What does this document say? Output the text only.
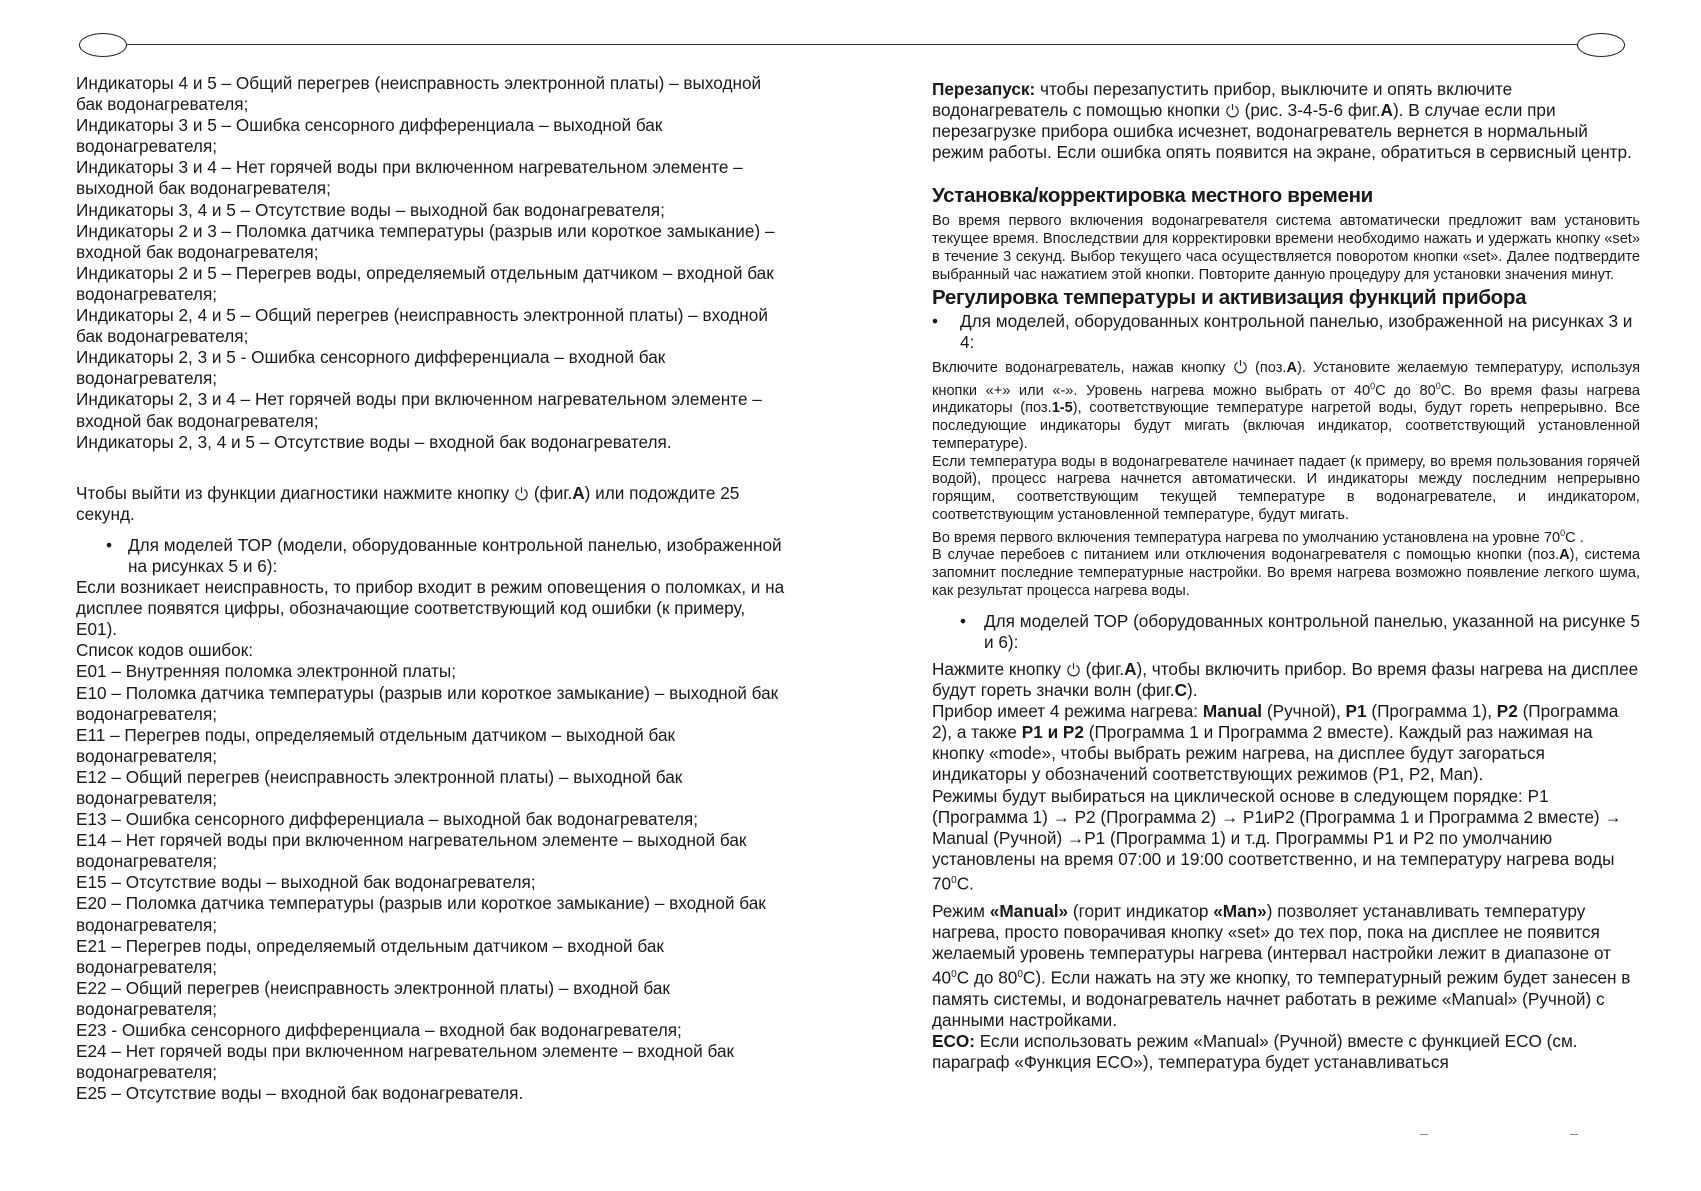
Индикаторы 4 и 5 – Общий перегрев (неисправность электронной платы) – выходной бак водонагревателя;

Индикаторы 3 и 5 – Ошибка сенсорного дифференциала – выходной бак водонагревателя;

Индикаторы 3 и 4 – Нет горячей воды при включенном нагревательном элементе – выходной бак водонагревателя;

Индикаторы 3, 4 и 5 – Отсутствие воды – выходной бак водонагревателя;

Индикаторы 2 и 3 – Поломка датчика температуры (разрыв или короткое замыкание) – входной бак водонагревателя;

Индикаторы 2 и 5 – Перегрев воды, определяемый отдельным датчиком – входной бак водонагревателя;

Индикаторы 2, 4 и 5 – Общий перегрев (неисправность электронной платы) – входной бак водонагревателя;

Индикаторы 2, 3 и 5 - Ошибка сенсорного дифференциала – входной бак водонагревателя;

Индикаторы 2, 3 и 4 – Нет горячей воды при включенном нагревательном элементе – входной бак водонагревателя;

Индикаторы 2, 3, 4 и 5 – Отсутствие воды – входной бак водонагревателя.

Чтобы выйти из функции диагностики нажмите кнопку (фиг.A) или подождите 25 секунд.

• Для моделей ТОР (модели, оборудованные контрольной панелью, изображенной на рисунках 5 и 6):

Если возникает неисправность, то прибор входит в режим оповещения о поломках, и на дисплее появятся цифры, обозначающие соответствующий код ошибки (к примеру, Е01).

Список кодов ошибок:

Е01 – Внутренняя поломка электронной платы;

Е10 – Поломка датчика температуры (разрыв или короткое замыкание) – выходной бак водонагревателя;

Е11 – Перегрев поды, определяемый отдельным датчиком – выходной бак водонагревателя;

Е12 – Общий перегрев (неисправность электронной платы) – выходной бак водонагревателя;

Е13 – Ошибка сенсорного дифференциала – выходной бак водонагревателя;

Е14 – Нет горячей воды при включенном нагревательном элементе – выходной бак водонагревателя;

Е15 – Отсутствие воды – выходной бак водонагревателя;

Е20 – Поломка датчика температуры (разрыв или короткое замыкание) – входной бак водонагревателя;

Е21 – Перегрев поды, определяемый отдельным датчиком – входной бак водонагревателя;

Е22 – Общий перегрев (неисправность электронной платы) – входной бак водонагревателя;

Е23 - Ошибка сенсорного дифференциала – входной бак водонагревателя;

Е24 – Нет горячей воды при включенном нагревательном элементе – входной бак водонагревателя;

Е25 – Отсутствие воды – входной бак водонагревателя.

Перезапуск: чтобы перезапустить прибор, выключите и опять включите водонагреватель с помощью кнопки (рис. 3-4-5-6 фиг.A). В случае если при перезагрузке прибора ошибка исчезнет, водонагреватель вернется в нормальный режим работы. Если ошибка опять появится на экране, обратиться в сервисный центр.

Установка/корректировка местного времени

Во время первого включения водонагревателя система автоматически предложит вам установить текущее время. Впоследствии для корректировки времени необходимо нажать и удержать кнопку «set» в течение 3 секунд. Выбор текущего часа осуществляется поворотом кнопки «set». Далее подтвердите выбранный час нажатием этой кнопки. Повторите данную процедуру для установки значения минут.

Регулировка температуры и активизация функций прибора

• Для моделей, оборудованных контрольной панелью, изображенной на рисунках 3 и 4:

Включите водонагреватель, нажав кнопку (поз.A). Установите желаемую температуру, используя кнопки «+» или «-». Уровень нагрева можно выбрать от $40^0C$ до $80^0C$. Во время фазы нагрева индикаторы (поз.1-5), соответствующие температуре нагретой воды, будут гореть непрерывно. Все последующие индикаторы будут мигать (включая индикатор, соответствующий установленной температуре).

Если температура воды в водонагревателе начинает падает (к примеру, во время пользования горячей водой), процесс нагрева начнется автоматически. И индикаторы между последним непрерывно горящим, соответствующим текущей температуре в водонагревателе, и индикатором, соответствующим установленной температуре, будут мигать.

Во время первого включения температура нагрева по умолчанию установлена на уровне $70^0C$ .

В случае перебоев с питанием или отключения водонагревателя с помощью кнопки (поз.A), система запомнит последние температурные настройки. Во время нагрева возможно появление легкого шума, как результат процесса нагрева воды.

• Для моделей ТОР (оборудованных контрольной панелью, указанной на рисунке 5 и 6):

Нажмите кнопку (фиг.A), чтобы включить прибор. Во время фазы нагрева на дисплее будут гореть значки волн (фиг.C).

Прибор имеет 4 режима нагрева: Manual (Ручной), P1 (Программа 1), P2 (Программа 2), а также P1 и P2 (Программа 1 и Программа 2 вместе). Каждый раз нажимая на кнопку «mode», чтобы выбрать режим нагрева, на дисплее будут загораться индикаторы у обозначений соответствующих режимов (P1, P2, Man).

Режимы будут выбираться на циклической основе в следующем порядке: P1 (Программа 1) → P2 (Программа 2) → P1иP2 (Программа 1 и Программа 2 вместе) → Manual (Ручной) →P1 (Программа 1) и т.д. Программы P1 и P2 по умолчанию установлены на время 07:00 и 19:00 соответственно, и на температуру нагрева воды $70^0C$.

Режим «Manual» (горит индикатор «Man») позволяет устанавливать температуру нагрева, просто поворачивая кнопку «set» до тех пор, пока на дисплее не появится желаемый уровень температуры нагрева (интервал настройки лежит в диапазоне от $40^0C$ до $80^0C$). Если нажать на эту же кнопку, то температурный режим будет занесен в память системы, и водонагреватель начнет работать в режиме «Manual» (Ручной) с данными настройками.

ECO: Если использовать режим «Manual» (Ручной) вместе с функцией ECO (см. параграф «Функция ECO»), температура будет устанавливаться
